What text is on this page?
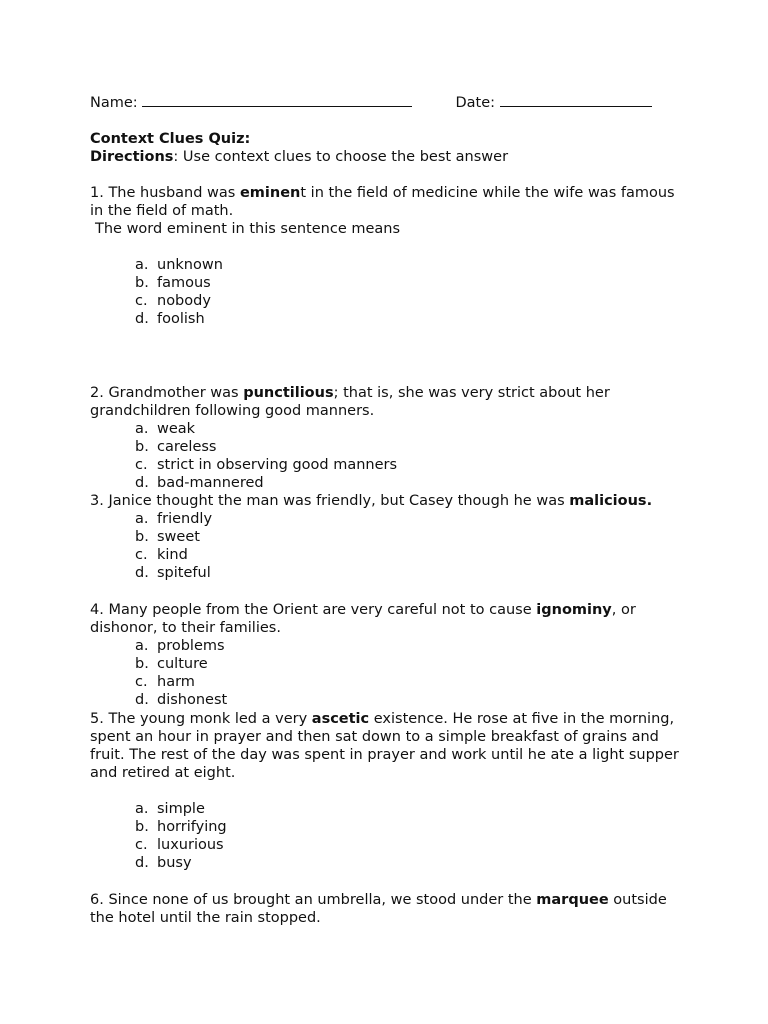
Name:	Date:
Context Clues Quiz:
Directions: Use context clues to choose the best answer

1. The husband was eminent in the field of medicine while the wife was famous in the field of math.

The word eminent in this sentence means

a. unknown
b. famous
c. nobody
d. foolish

2. Grandmother was punctilious; that is, she was very strict about her grandchildren following good manners.

a. weak
b. careless
c. strict in observing good manners
d. bad-mannered

3. Janice thought the man was friendly, but Casey though he was malicious.

a. friendly
b. sweet
c. kind
d. spiteful

4. Many people from the Orient are very careful not to cause ignominy, or dishonor, to their families.

a. problems
b. culture
c. harm
d. dishonest

5. The young monk led a very ascetic existence. He rose at five in the morning, spent an hour in prayer and then sat down to a simple breakfast of grains and fruit. The rest of the day was spent in prayer and work until he ate a light supper and retired at eight.

a. simple
b. horrifying
c. luxurious
d. busy

6. Since none of us brought an umbrella, we stood under the marquee outside the hotel until the rain stopped.
